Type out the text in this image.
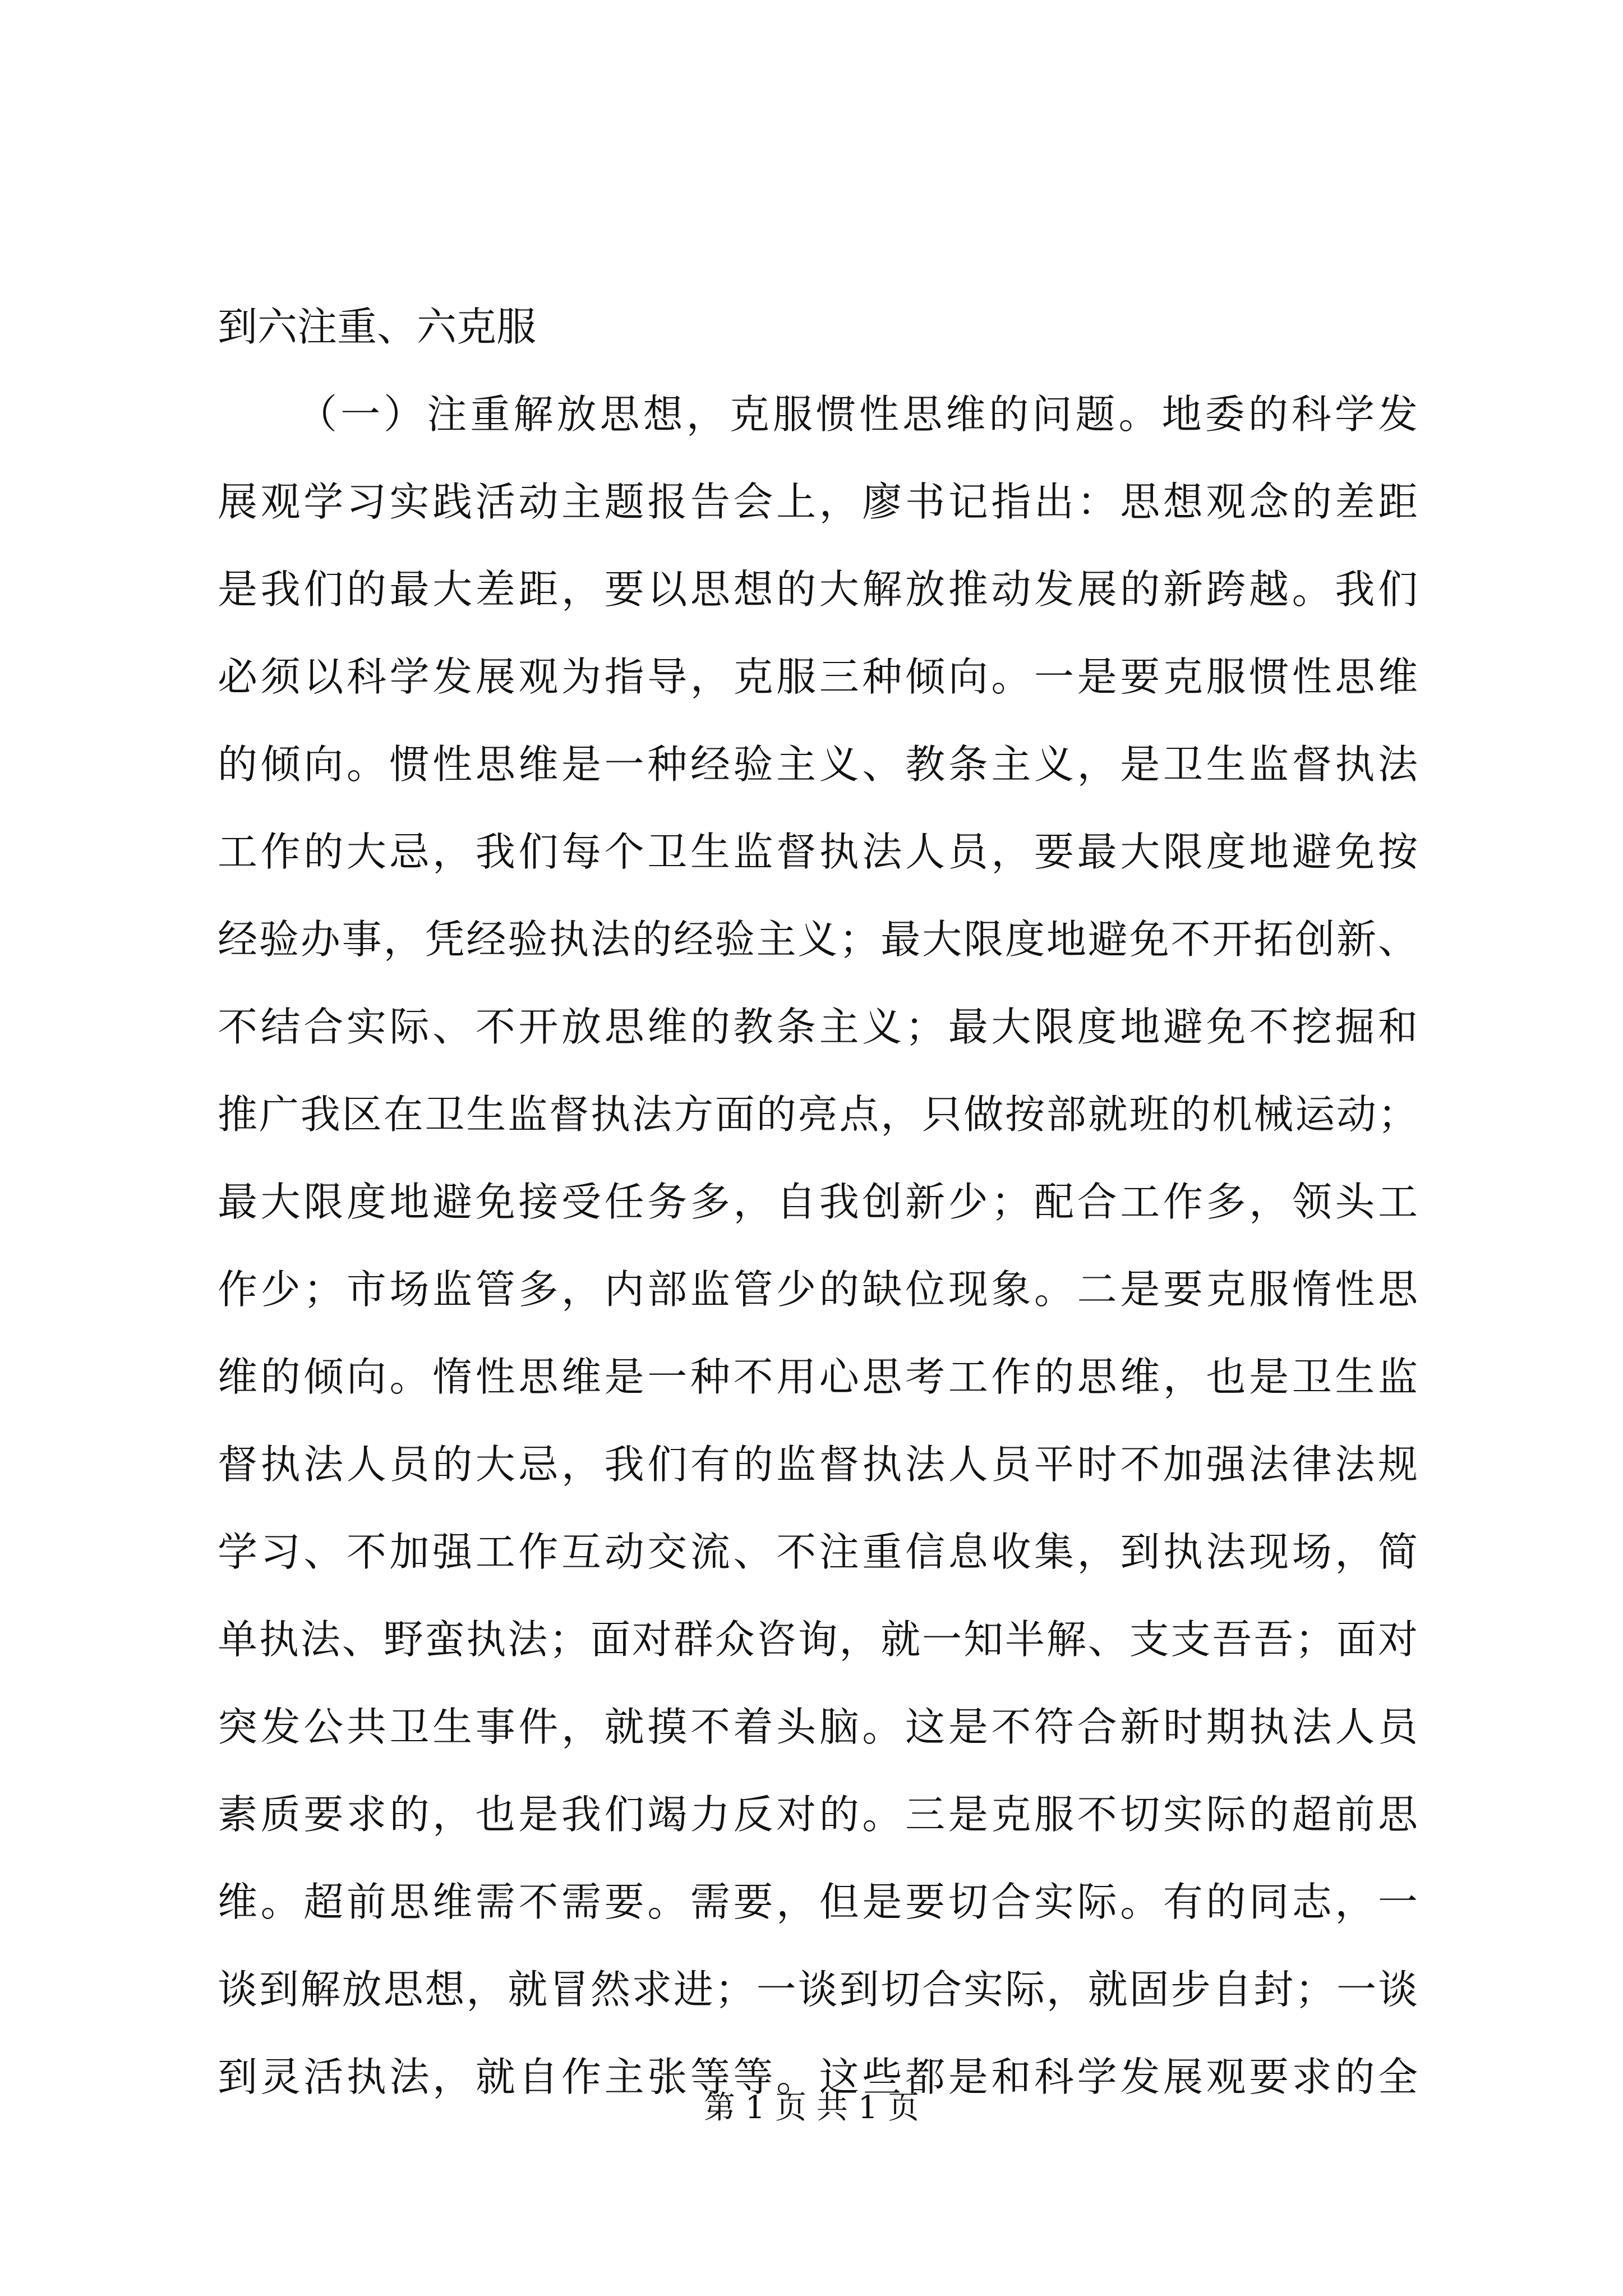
到六注重、六克服

（一）注重解放思想，克服惯性思维的问题。地委的科学发

展观学习实践活动主题报告会上，廖书记指出：思想观念的差距

是我们的最大差距，要以思想的大解放推动发展的新跨越。我们

必须以科学发展观为指导，克服三种倾向。一是要克服惯性思维

的倾向。惯性思维是一种经验主义、教条主义，是卫生监督执法

工作的大忌，我们每个卫生监督执法人员，要最大限度地避免按

经验办事，凭经验执法的经验主义；最大限度地避免不开拓创新、

不结合实际、不开放思维的教条主义；最大限度地避免不挖掘和

推广我区在卫生监督执法方面的亮点，只做按部就班的机械运动；

最大限度地避免接受任务多，自我创新少；配合工作多，领头工

作少；市场监管多，内部监管少的缺位现象。二是要克服惰性思

维的倾向。惰性思维是一种不用心思考工作的思维，也是卫生监

督执法人员的大忌，我们有的监督执法人员平时不加强法律法规

学习、不加强工作互动交流、不注重信息收集，到执法现场，简

单执法、野蛮执法；面对群众咨询，就一知半解、支支吾吾；面对

突发公共卫生事件，就摸不着头脑。这是不符合新时期执法人员

素质要求的，也是我们竭力反对的。三是克服不切实际的超前思

维。超前思维需不需要。需要，但是要切合实际。有的同志，一

谈到解放思想，就冒然求进；一谈到切合实际，就固步自封；一谈

到灵活执法，就自作主张等等。这些都是和科学发展观要求的全

第 1 页 共 1 页
